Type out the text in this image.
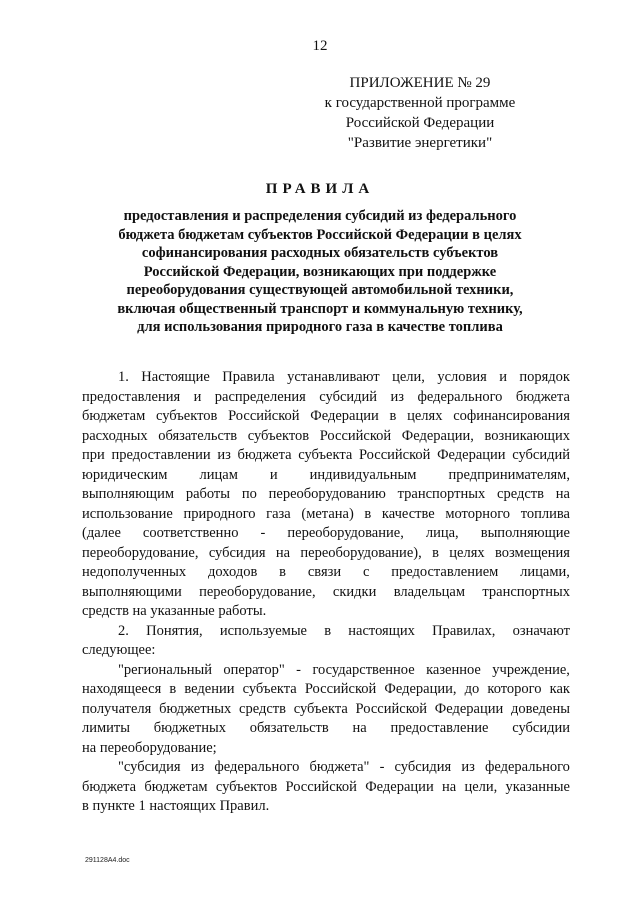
12
ПРИЛОЖЕНИЕ № 29
к государственной программе
Российской Федерации
"Развитие энергетики"
ПРАВИЛА
предоставления и распределения субсидий из федерального
бюджета бюджетам субъектов Российской Федерации в целях
софинансирования расходных обязательств субъектов
Российской Федерации, возникающих при поддержке
переоборудования существующей автомобильной техники,
включая общественный транспорт и коммунальную технику,
для использования природного газа в качестве топлива
1. Настоящие Правила устанавливают цели, условия и порядок
предоставления и распределения субсидий из федерального бюджета
бюджетам субъектов Российской Федерации в целях софинансирования
расходных обязательств субъектов Российской Федерации, возникающих
при предоставлении из бюджета субъекта Российской Федерации субсидий
юридическим лицам и индивидуальным предпринимателям,
выполняющим работы по переоборудованию транспортных средств на
использование природного газа (метана) в качестве моторного топлива
(далее соответственно - переоборудование, лица, выполняющие
переоборудование, субсидия на переоборудование), в целях возмещения
недополученных доходов в связи с предоставлением лицами,
выполняющими переоборудование, скидки владельцам транспортных
средств на указанные работы.
2. Понятия, используемые в настоящих Правилах, означают
следующее:
"региональный оператор" - государственное казенное учреждение,
находящееся в ведении субъекта Российской Федерации, до которого как
получателя бюджетных средств субъекта Российской Федерации доведены
лимиты бюджетных обязательств на предоставление субсидии
на переоборудование;
"субсидия из федерального бюджета" - субсидия из федерального
бюджета бюджетам субъектов Российской Федерации на цели, указанные
в пункте 1 настоящих Правил.
291128A4.doc
